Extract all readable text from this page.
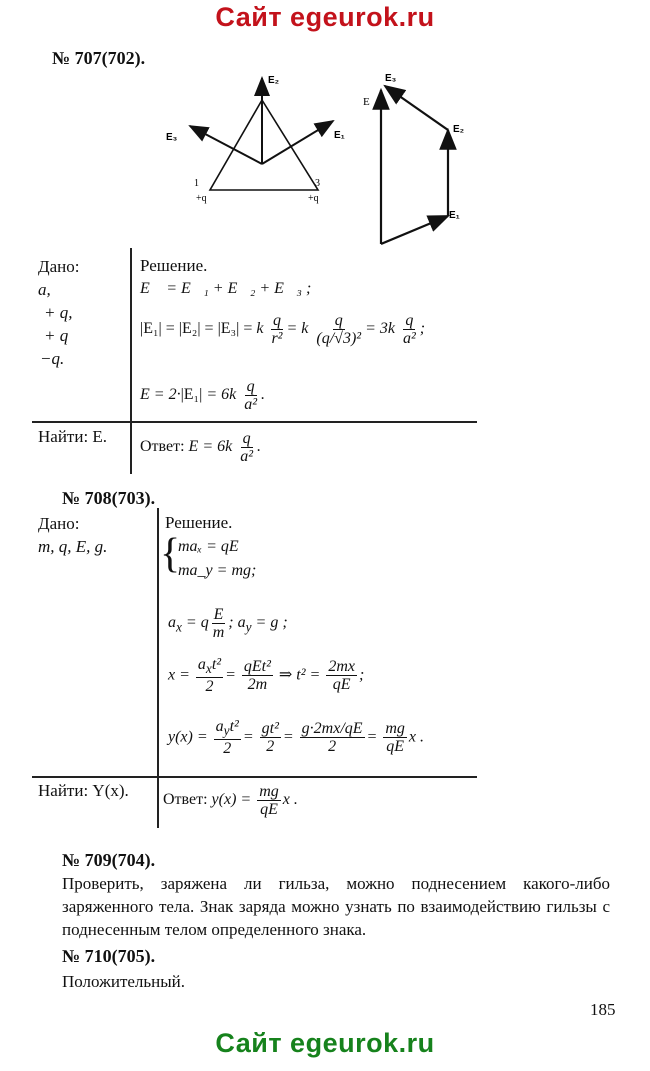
Сайт egeurok.ru
Сайт egeurok.ru
№ 707(702).
E₂
E₁
E₃
1
+q
3
+q
E₃
E
E₂
E₁
Дано:
a,
+ q,
+ q
−q.
Найти: E.
Решение.
E⃗ = E⃗₁ + E⃗₂ + E⃗₃ ;
|E₁| = |E₂| = |E₃| = k $\frac{q}{\text{r²}} = k \frac{q}{\text{(q/√3)²}} = 3k \frac{q}{\text{a²}}$ ;
$E = 2\cdot|E_1| = 6k \frac{q}{\text{a²}}$ .
Ответ: $E = 6k \frac{q}{\text{a²}}$ .
№ 708(703).
Дано:
m, q, E, g.
Найти: Y(x).
Решение.
{
maₓ = qE
ma_y = mg;
$a_x = q \frac{E}{m}$ ; $a_y = g$ ;
$x = \frac{a_xt^2}{2} = \frac{\text{qEt²}}{2m}$ ⇒ $t^2 = \frac{2mx}{qE}$ ;
$y(x) = \frac{a_yt^2}{2} = \frac{\text{gt²}}{2} = \frac{g\cdot 2mx/qE}{2} = \frac{mg}{qE}$ x .
Ответ: $y(x) = \frac{mg}{qE}$ x .
№ 709(704).
Проверить, заряжена ли гильза, можно поднесением какого-либо заряженного тела. Знак заряда можно узнать по взаимодействию гильзы с поднесенным телом определенного знака.
№ 710(705).
Положительный.
185
